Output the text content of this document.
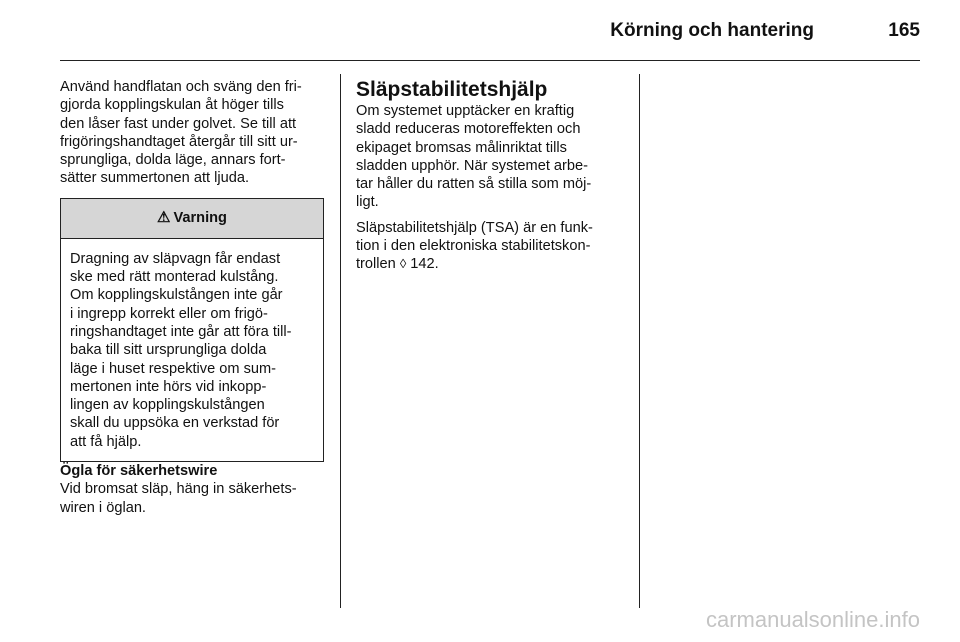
Körning och hantering	165

Använd handflatan och sväng den fri-
gjorda kopplingskulan åt höger tills
den låser fast under golvet. Se till att
frigöringshandtaget återgår till sitt ur-
sprungliga, dolda läge, annars fort-
sätter summertonen att ljuda.

⚠ Varning
Dragning av släpvagn får endast
ske med rätt monterad kulstång.
Om kopplingskulstången inte går
i ingrepp korrekt eller om frigö-
ringshandtaget inte går att föra till-
baka till sitt ursprungliga dolda
läge i huset respektive om sum-
mertonen inte hörs vid inkopp-
lingen av kopplingskulstången
skall du uppsöka en verkstad för
att få hjälp.

Ögla för säkerhetswire

Vid bromsat släp, häng in säkerhets-
wiren i öglan.

Släpstabilitetshjälp

Om systemet upptäcker en kraftig
sladd reduceras motoreffekten och
ekipaget bromsas målinriktat tills
sladden upphör. När systemet arbe-
tar håller du ratten så stilla som möj-
ligt.

Släpstabilitetshjälp (TSA) är en funk-
tion i den elektroniska stabilitetskon-
trollen ◊ 142.

carmanualsonline.info
